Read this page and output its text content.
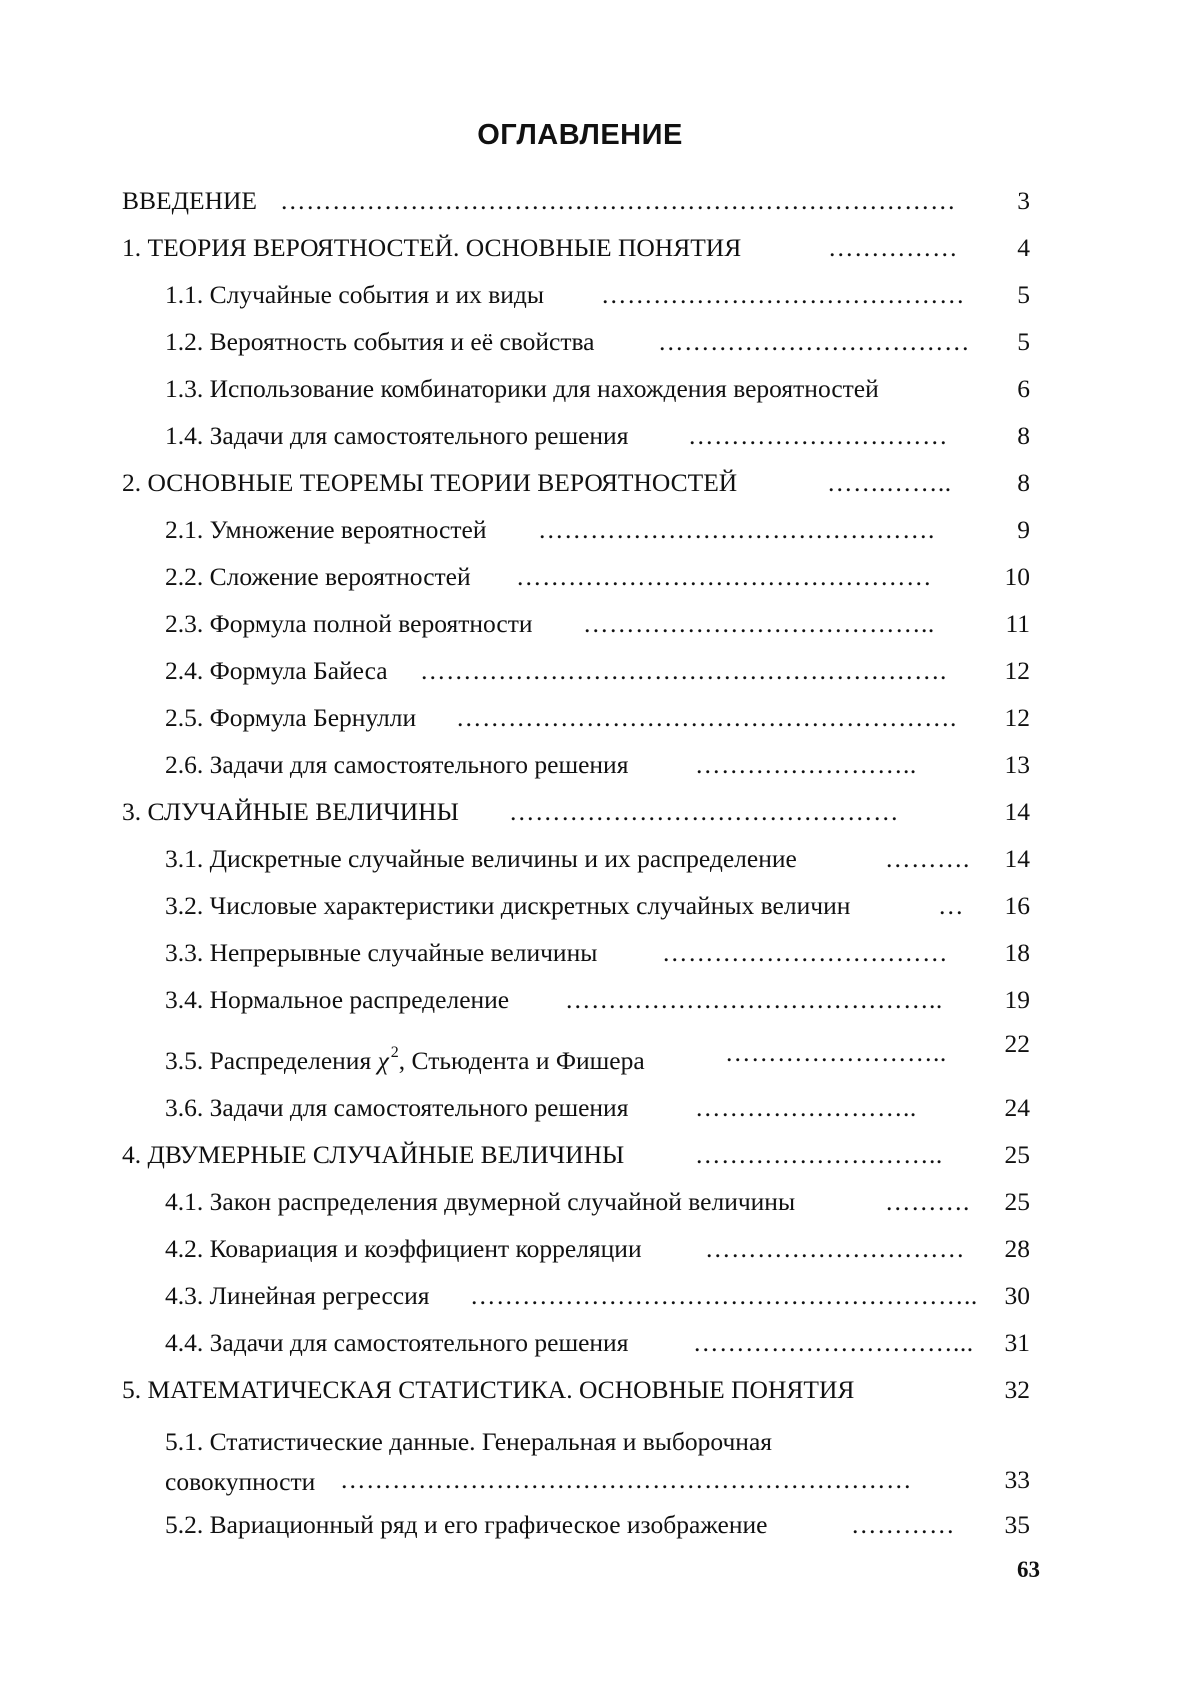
ОГЛАВЛЕНИЕ
ВВЕДЕНИЕ ……………………………………………………………………	3
1. ТЕОРИЯ ВЕРОЯТНОСТЕЙ. ОСНОВНЫЕ ПОНЯТИЯ	……………	4
1.1. Случайные события и их виды ……………………………………	5
1.2. Вероятность события и её свойства ………………………………	5
1.3. Использование комбинаторики для нахождения вероятностей	6
1.4. Задачи для самостоятельного решения …………………………	8
2. ОСНОВНЫЕ ТЕОРЕМЫ ТЕОРИИ ВЕРОЯТНОСТЕЙ	…….……..	8
2.1. Умножение вероятностей ……………………………………….	9
2.2. Сложение вероятностей …………………………………………	10
2.3. Формула полной вероятности …………………………………..	11
2.4. Формула Байеса …………………………………………………….	12
2.5. Формула Бернулли ………………………………………………….	12
2.6. Задачи для самостоятельного решения	……………………..	13
3. СЛУЧАЙНЫЕ ВЕЛИЧИНЫ ………………………………………	14
3.1. Дискретные случайные величины и их распределение	……….	14
3.2. Числовые характеристики дискретных случайных величин	…	16
3.3. Непрерывные случайные величины	……………………………	18
3.4. Нормальное распределение ……………………………………..	19
3.5. Распределения χ $^2$, Стьюдента и Фишера	……………………..	22
3.6. Задачи для самостоятельного решения	……………………..	24
4. ДВУМЕРНЫЕ СЛУЧАЙНЫЕ ВЕЛИЧИНЫ	………………………..	25
4.1. Закон распределения двумерной случайной величины	……….	25
4.2. Ковариация и коэффициент корреляции …………………………	28
4.3. Линейная регрессия …………………………………………………..	30
4.4. Задачи для самостоятельного решения	…………………………...	31
5. МАТЕМАТИЧЕСКАЯ СТАТИСТИКА. ОСНОВНЫЕ ПОНЯТИЯ	32
5.1. Статистические данные. Генеральная и выборочная совокупности …………………………………………………………	33
5.2. Вариационный ряд и его графическое изображение	…………	35
63
